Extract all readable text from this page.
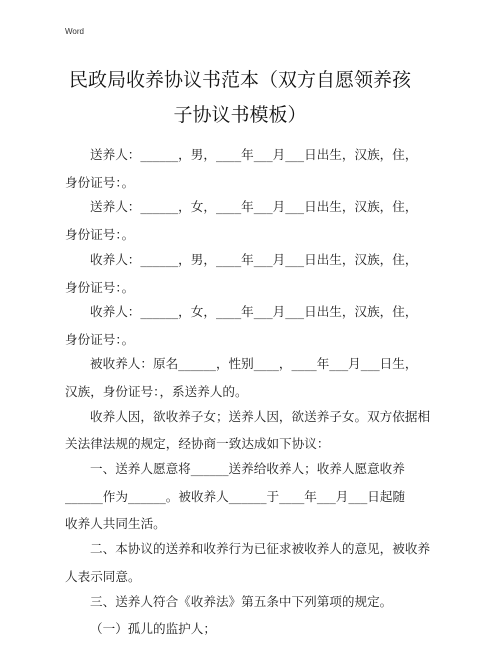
Word
民政局收养协议书范本（双方自愿领养孩
子协议书模板）
送养人：______，男，____年___月___日出生，汉族，住，
身份证号：。
送养人：______，女，____年___月___日出生，汉族，住，
身份证号：。
收养人：______，男，____年___月___日出生，汉族，住，
身份证号：。
收养人：______，女，____年___月___日出生，汉族，住，
身份证号：。
被收养人：原名______，性别____，____年___月___日生，
汉族，身份证号：，系送养人的。
收养人因，欲收养子女；送养人因，欲送养子女。双方依据相
关法律法规的规定，经协商一致达成如下协议：
一、送养人愿意将______送养给收养人；收养人愿意收养
______作为______。被收养人______于____年___月___日起随
收养人共同生活。
二、本协议的送养和收养行为已征求被收养人的意见，被收养
人表示同意。
三、送养人符合《收养法》第五条中下列第项的规定。
（一）孤儿的监护人；
